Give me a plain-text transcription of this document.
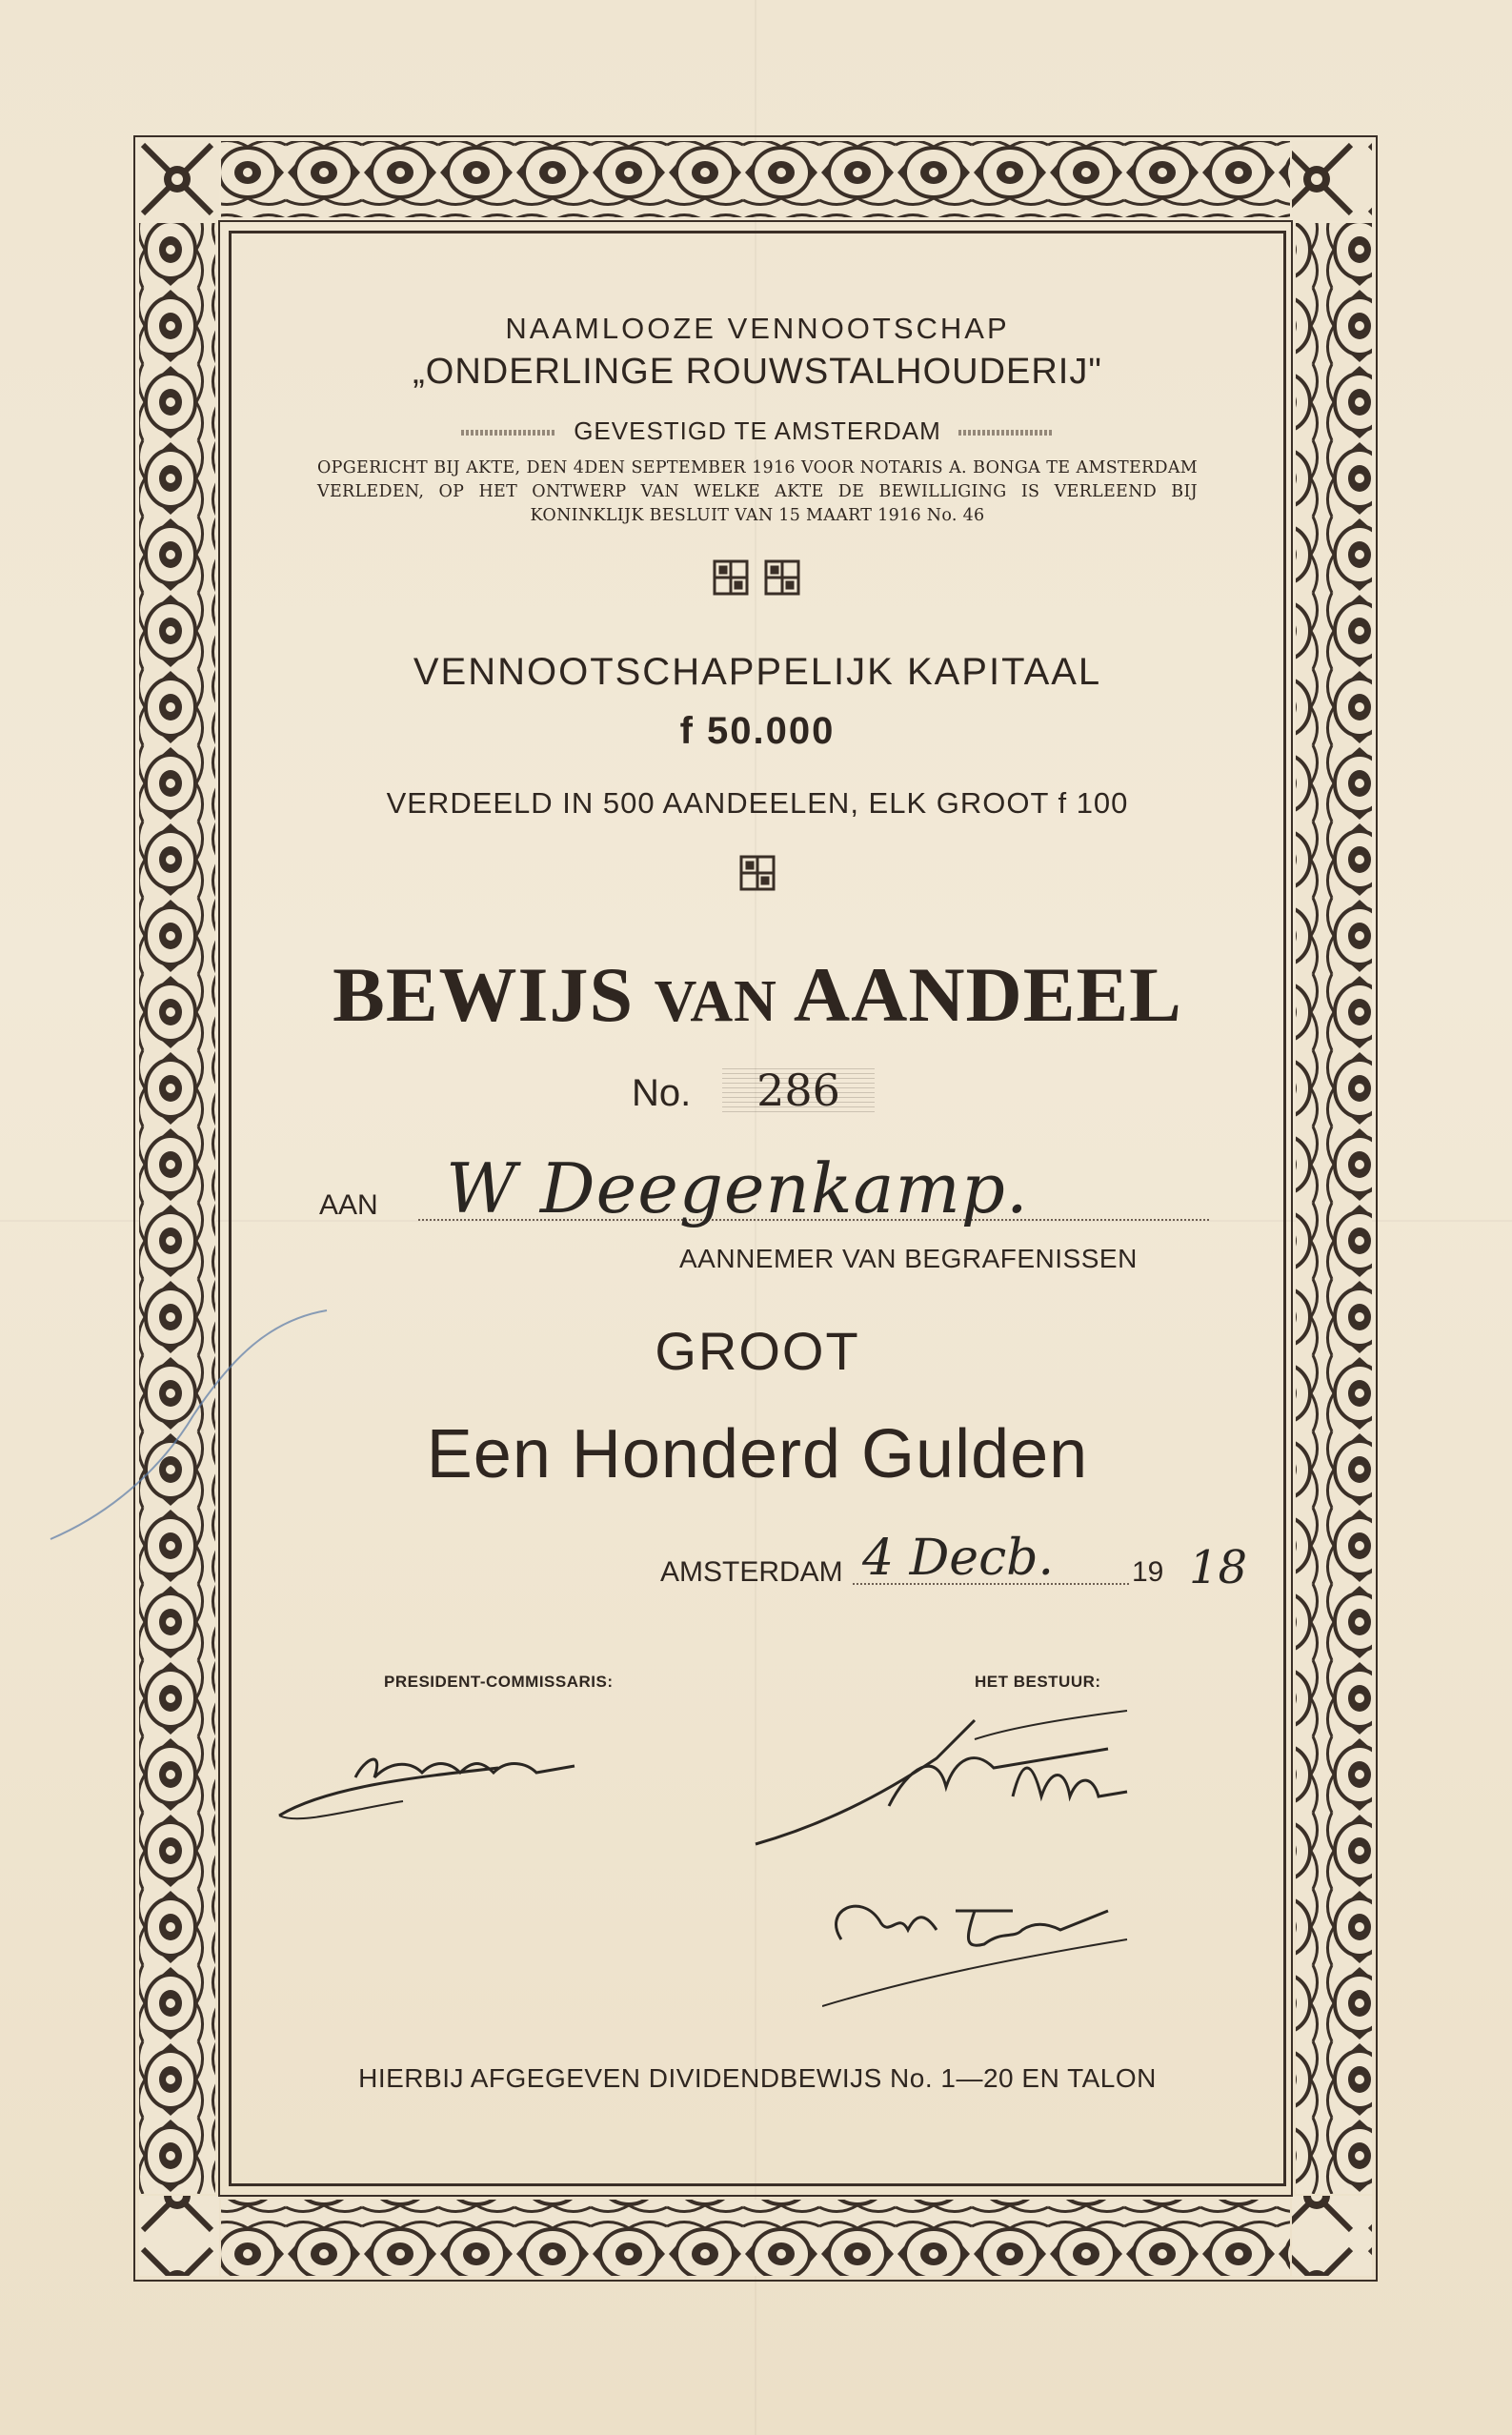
NAAMLOOZE VENNOOTSCHAP
„ONDERLINGE ROUWSTALHOUDERIJ"
GEVESTIGD TE AMSTERDAM
OPGERICHT BIJ AKTE, DEN 4DEN SEPTEMBER 1916 VOOR NOTARIS A. BONGA TE AMSTERDAM VERLEDEN, OP HET ONTWERP VAN WELKE AKTE DE BEWILLIGING IS VERLEEND BIJ KONINKLIJK BESLUIT VAN 15 MAART 1916 No. 46
VENNOOTSCHAPPELIJK KAPITAAL
f 50.000
VERDEELD IN 500 AANDEELEN, ELK GROOT f 100
BEWIJS VAN AANDEEL
No.	286
AAN W Deegenkamp.
AANNEMER VAN BEGRAFENISSEN
GROOT
Een Honderd Gulden
AMSTERDAM 4 Decb.	19 18
PRESIDENT-COMMISSARIS:	HET BESTUUR:

HIERBIJ AFGEGEVEN DIVIDENDBEWIJS No. 1—20 EN TALON
